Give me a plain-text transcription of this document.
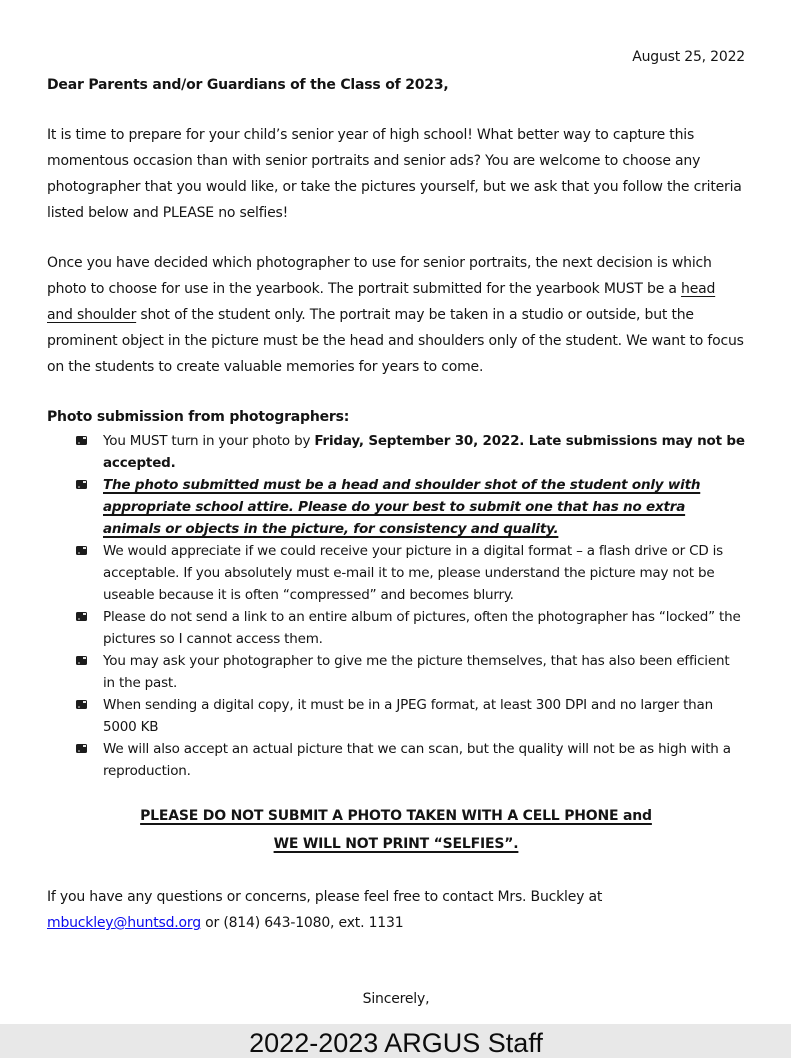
August 25, 2022
Dear Parents and/or Guardians of the Class of 2023,

It is time to prepare for your child’s senior year of high school! What better way to capture this momentous occasion than with senior portraits and senior ads? You are welcome to choose any photographer that you would like, or take the pictures yourself, but we ask that you follow the criteria listed below and PLEASE no selfies!

Once you have decided which photographer to use for senior portraits, the next decision is which photo to choose for use in the yearbook. The portrait submitted for the yearbook MUST be a head and shoulder shot of the student only. The portrait may be taken in a studio or outside, but the prominent object in the picture must be the head and shoulders only of the student. We want to focus on the students to create valuable memories for years to come.

Photo submission from photographers:
You MUST turn in your photo by Friday, September 30, 2022. Late submissions may not be accepted.
The photo submitted must be a head and shoulder shot of the student only with appropriate school attire. Please do your best to submit one that has no extra animals or objects in the picture, for consistency and quality.
We would appreciate if we could receive your picture in a digital format – a flash drive or CD is acceptable. If you absolutely must e-mail it to me, please understand the picture may not be useable because it is often “compressed” and becomes blurry.
Please do not send a link to an entire album of pictures, often the photographer has “locked” the pictures so I cannot access them.
You may ask your photographer to give me the picture themselves, that has also been efficient in the past.
When sending a digital copy, it must be in a JPEG format, at least 300 DPI and no larger than 5000 KB
We will also accept an actual picture that we can scan, but the quality will not be as high with a reproduction.
PLEASE DO NOT SUBMIT A PHOTO TAKEN WITH A CELL PHONE and
WE WILL NOT PRINT “SELFIES”.

If you have any questions or concerns, please feel free to contact Mrs. Buckley at mbuckley@huntsd.org or (814) 643-1080, ext. 1131

Sincerely,
2022-2023 ARGUS Staff
